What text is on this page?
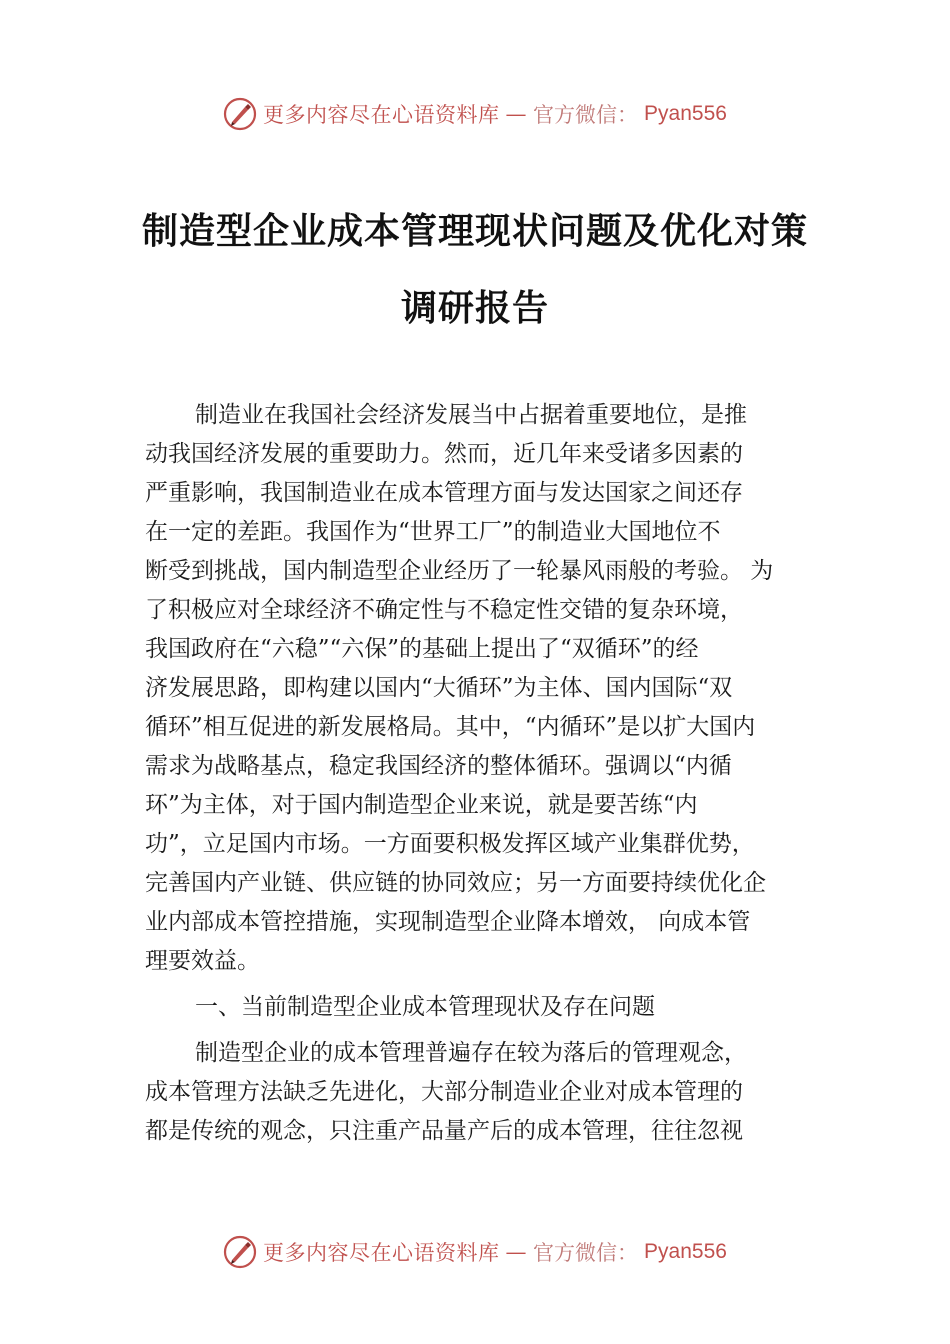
更多内容尽在心语资料库 — 官方微信： Pyan556
制造型企业成本管理现状问题及优化对策
调研报告
制造业在我国社会经济发展当中占据着重要地位，是推
动我国经济发展的重要助力。然而，近几年来受诸多因素的
严重影响，我国制造业在成本管理方面与发达国家之间还存
在一定的差距。我国作为“世界工厂”的制造业大国地位不
断受到挑战，国内制造型企业经历了一轮暴风雨般的考验。 为
了积极应对全球经济不确定性与不稳定性交错的复杂环境，
我国政府在“六稳”“六保”的基础上提出了“双循环”的经
济发展思路，即构建以国内“大循环”为主体、国内国际“双
循环”相互促进的新发展格局。其中，“内循环”是以扩大国内
需求为战略基点，稳定我国经济的整体循环。强调以“内循
环”为主体，对于国内制造型企业来说，就是要苦练“内
功”，立足国内市场。一方面要积极发挥区域产业集群优势，
完善国内产业链、供应链的协同效应；另一方面要持续优化企
业内部成本管控措施，实现制造型企业降本增效， 向成本管
理要效益。
一、当前制造型企业成本管理现状及存在问题
制造型企业的成本管理普遍存在较为落后的管理观念，
成本管理方法缺乏先进化，大部分制造业企业对成本管理的
都是传统的观念，只注重产品量产后的成本管理，往往忽视
更多内容尽在心语资料库 — 官方微信： Pyan556
